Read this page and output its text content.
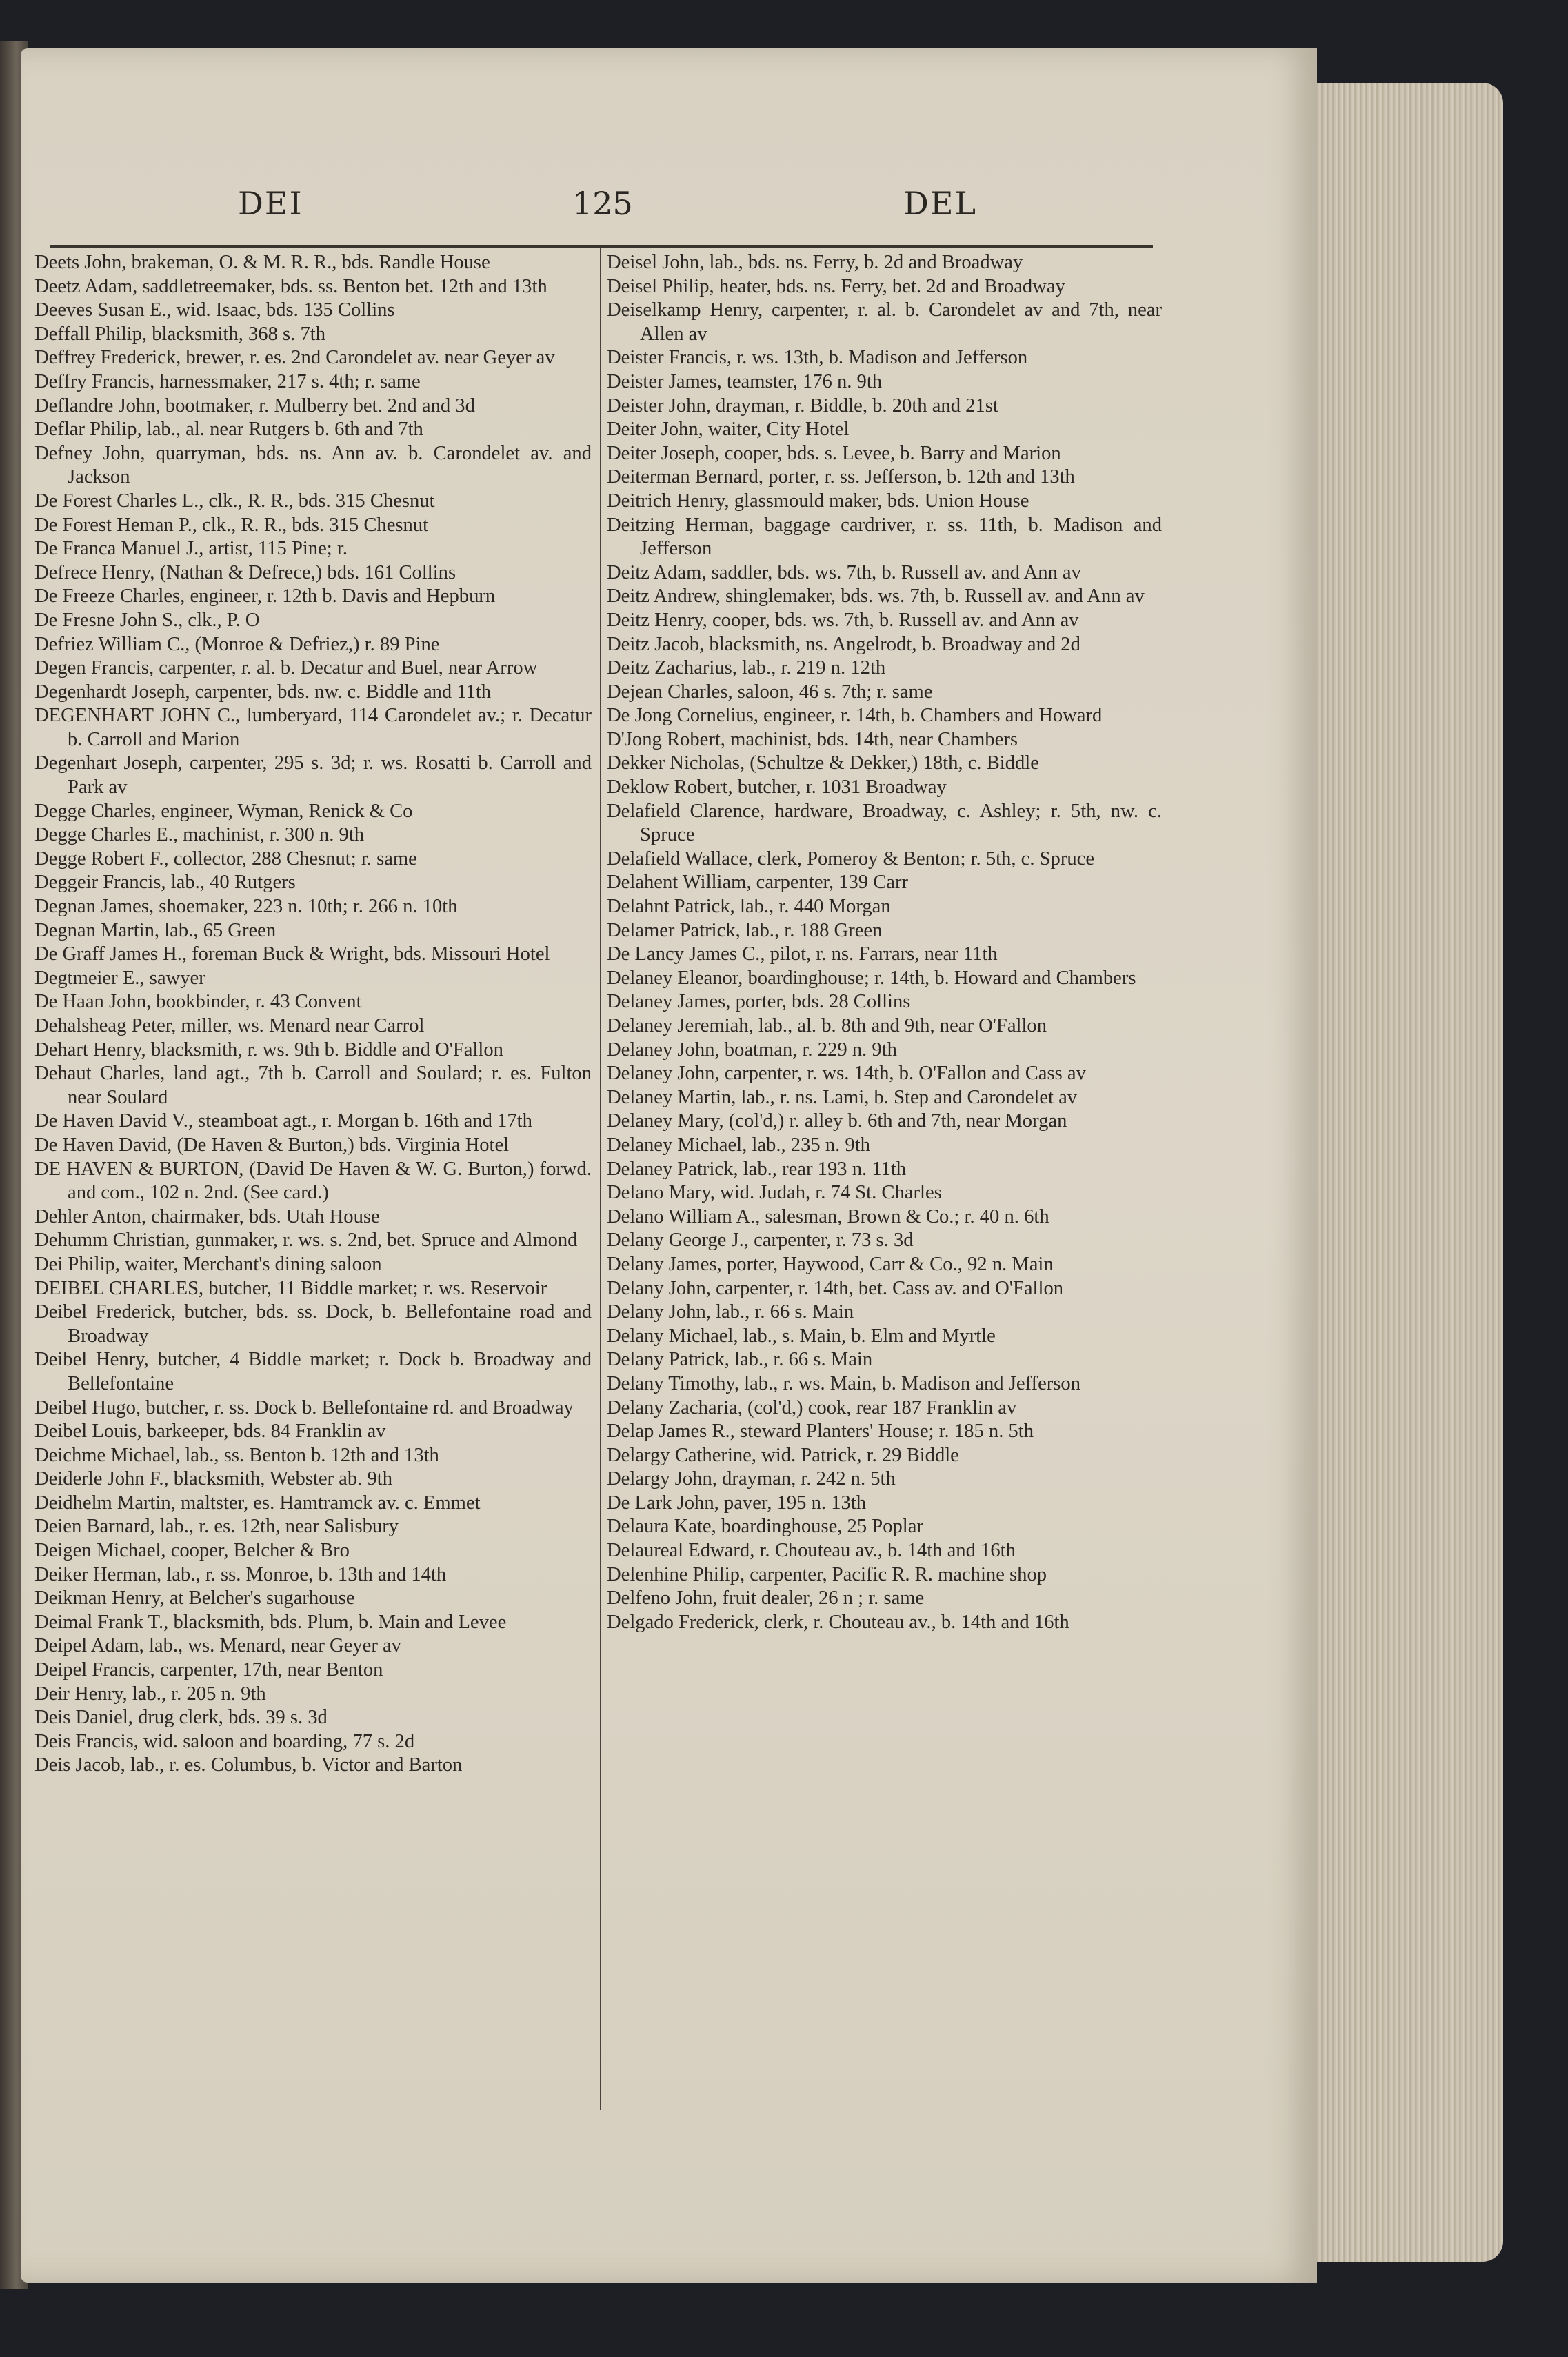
DEI	125	DEL
Deets John, brakeman, O. & M. R. R., bds. Randle House
Deetz Adam, saddletreemaker, bds. ss. Benton bet. 12th and 13th
Deeves Susan E., wid. Isaac, bds. 135 Collins
Deffall Philip, blacksmith, 368 s. 7th
Deffrey Frederick, brewer, r. es. 2nd Carondelet av. near Geyer av
Deffry Francis, harnessmaker, 217 s. 4th; r. same
Deflandre John, bootmaker, r. Mulberry bet. 2nd and 3d
Deflar Philip, lab., al. near Rutgers b. 6th and 7th
Defney John, quarryman, bds. ns. Ann av. b. Carondelet av. and Jackson
De Forest Charles L., clk., R. R., bds. 315 Chesnut
De Forest Heman P., clk., R. R., bds. 315 Chesnut
De Franca Manuel J., artist, 115 Pine; r.
Defrece Henry, (Nathan & Defrece,) bds. 161 Collins
De Freeze Charles, engineer, r. 12th b. Davis and Hepburn
De Fresne John S., clk., P. O
Defriez William C., (Monroe & Defriez,) r. 89 Pine
Degen Francis, carpenter, r. al. b. Decatur and Buel, near Arrow
Degenhardt Joseph, carpenter, bds. nw. c. Biddle and 11th
DEGENHART JOHN C., lumberyard, 114 Carondelet av.; r. Decatur b. Carroll and Marion
Degenhart Joseph, carpenter, 295 s. 3d; r. ws. Rosatti b. Carroll and Park av
Degge Charles, engineer, Wyman, Renick & Co
Degge Charles E., machinist, r. 300 n. 9th
Degge Robert F., collector, 288 Chesnut; r. same
Deggeir Francis, lab., 40 Rutgers
Degnan James, shoemaker, 223 n. 10th; r. 266 n. 10th
Degnan Martin, lab., 65 Green
De Graff James H., foreman Buck & Wright, bds. Missouri Hotel
Degtmeier E., sawyer
De Haan John, bookbinder, r. 43 Convent
Dehalsheag Peter, miller, ws. Menard near Carrol
Dehart Henry, blacksmith, r. ws. 9th b. Biddle and O'Fallon
Dehaut Charles, land agt., 7th b. Carroll and Soulard; r. es. Fulton near Soulard
De Haven David V., steamboat agt., r. Morgan b. 16th and 17th
De Haven David, (De Haven & Burton,) bds. Virginia Hotel
DE HAVEN & BURTON, (David De Haven & W. G. Burton,) forwd. and com., 102 n. 2nd. (See card.)
Dehler Anton, chairmaker, bds. Utah House
Dehumm Christian, gunmaker, r. ws. s. 2nd, bet. Spruce and Almond
Dei Philip, waiter, Merchant's dining saloon
DEIBEL CHARLES, butcher, 11 Biddle market; r. ws. Reservoir
Deibel Frederick, butcher, bds. ss. Dock, b. Bellefontaine road and Broadway
Deibel Henry, butcher, 4 Biddle market; r. Dock b. Broadway and Bellefontaine
Deibel Hugo, butcher, r. ss. Dock b. Bellefontaine rd. and Broadway
Deibel Louis, barkeeper, bds. 84 Franklin av
Deichme Michael, lab., ss. Benton b. 12th and 13th
Deiderle John F., blacksmith, Webster ab. 9th
Deidhelm Martin, maltster, es. Hamtramck av. c. Emmet
Deien Barnard, lab., r. es. 12th, near Salisbury
Deigen Michael, cooper, Belcher & Bro
Deiker Herman, lab., r. ss. Monroe, b. 13th and 14th
Deikman Henry, at Belcher's sugarhouse
Deimal Frank T., blacksmith, bds. Plum, b. Main and Levee
Deipel Adam, lab., ws. Menard, near Geyer av
Deipel Francis, carpenter, 17th, near Benton
Deir Henry, lab., r. 205 n. 9th
Deis Daniel, drug clerk, bds. 39 s. 3d
Deis Francis, wid. saloon and boarding, 77 s. 2d
Deis Jacob, lab., r. es. Columbus, b. Victor and Barton
Deisel John, lab., bds. ns. Ferry, b. 2d and Broadway
Deisel Philip, heater, bds. ns. Ferry, bet. 2d and Broadway
Deiselkamp Henry, carpenter, r. al. b. Carondelet av and 7th, near Allen av
Deister Francis, r. ws. 13th, b. Madison and Jefferson
Deister James, teamster, 176 n. 9th
Deister John, drayman, r. Biddle, b. 20th and 21st
Deiter John, waiter, City Hotel
Deiter Joseph, cooper, bds. s. Levee, b. Barry and Marion
Deiterman Bernard, porter, r. ss. Jefferson, b. 12th and 13th
Deitrich Henry, glassmould maker, bds. Union House
Deitzing Herman, baggage cardriver, r. ss. 11th, b. Madison and Jefferson
Deitz Adam, saddler, bds. ws. 7th, b. Russell av. and Ann av
Deitz Andrew, shinglemaker, bds. ws. 7th, b. Russell av. and Ann av
Deitz Henry, cooper, bds. ws. 7th, b. Russell av. and Ann av
Deitz Jacob, blacksmith, ns. Angelrodt, b. Broadway and 2d
Deitz Zacharius, lab., r. 219 n. 12th
Dejean Charles, saloon, 46 s. 7th; r. same
De Jong Cornelius, engineer, r. 14th, b. Chambers and Howard
D'Jong Robert, machinist, bds. 14th, near Chambers
Dekker Nicholas, (Schultze & Dekker,) 18th, c. Biddle
Deklow Robert, butcher, r. 1031 Broadway
Delafield Clarence, hardware, Broadway, c. Ashley; r. 5th, nw. c. Spruce
Delafield Wallace, clerk, Pomeroy & Benton; r. 5th, c. Spruce
Delahent William, carpenter, 139 Carr
Delahnt Patrick, lab., r. 440 Morgan
Delamer Patrick, lab., r. 188 Green
De Lancy James C., pilot, r. ns. Farrars, near 11th
Delaney Eleanor, boardinghouse; r. 14th, b. Howard and Chambers
Delaney James, porter, bds. 28 Collins
Delaney Jeremiah, lab., al. b. 8th and 9th, near O'Fallon
Delaney John, boatman, r. 229 n. 9th
Delaney John, carpenter, r. ws. 14th, b. O'Fallon and Cass av
Delaney Martin, lab., r. ns. Lami, b. Step and Carondelet av
Delaney Mary, (col'd,) r. alley b. 6th and 7th, near Morgan
Delaney Michael, lab., 235 n. 9th
Delaney Patrick, lab., rear 193 n. 11th
Delano Mary, wid. Judah, r. 74 St. Charles
Delano William A., salesman, Brown & Co.; r. 40 n. 6th
Delany George J., carpenter, r. 73 s. 3d
Delany James, porter, Haywood, Carr & Co., 92 n. Main
Delany John, carpenter, r. 14th, bet. Cass av. and O'Fallon
Delany John, lab., r. 66 s. Main
Delany Michael, lab., s. Main, b. Elm and Myrtle
Delany Patrick, lab., r. 66 s. Main
Delany Timothy, lab., r. ws. Main, b. Madison and Jefferson
Delany Zacharia, (col'd,) cook, rear 187 Franklin av
Delap James R., steward Planters' House; r. 185 n. 5th
Delargy Catherine, wid. Patrick, r. 29 Biddle
Delargy John, drayman, r. 242 n. 5th
De Lark John, paver, 195 n. 13th
Delaura Kate, boardinghouse, 25 Poplar
Delaureal Edward, r. Chouteau av., b. 14th and 16th
Delenhine Philip, carpenter, Pacific R. R. machine shop
Delfeno John, fruit dealer, 26 n ; r. same
Delgado Frederick, clerk, r. Chouteau av., b. 14th and 16th
